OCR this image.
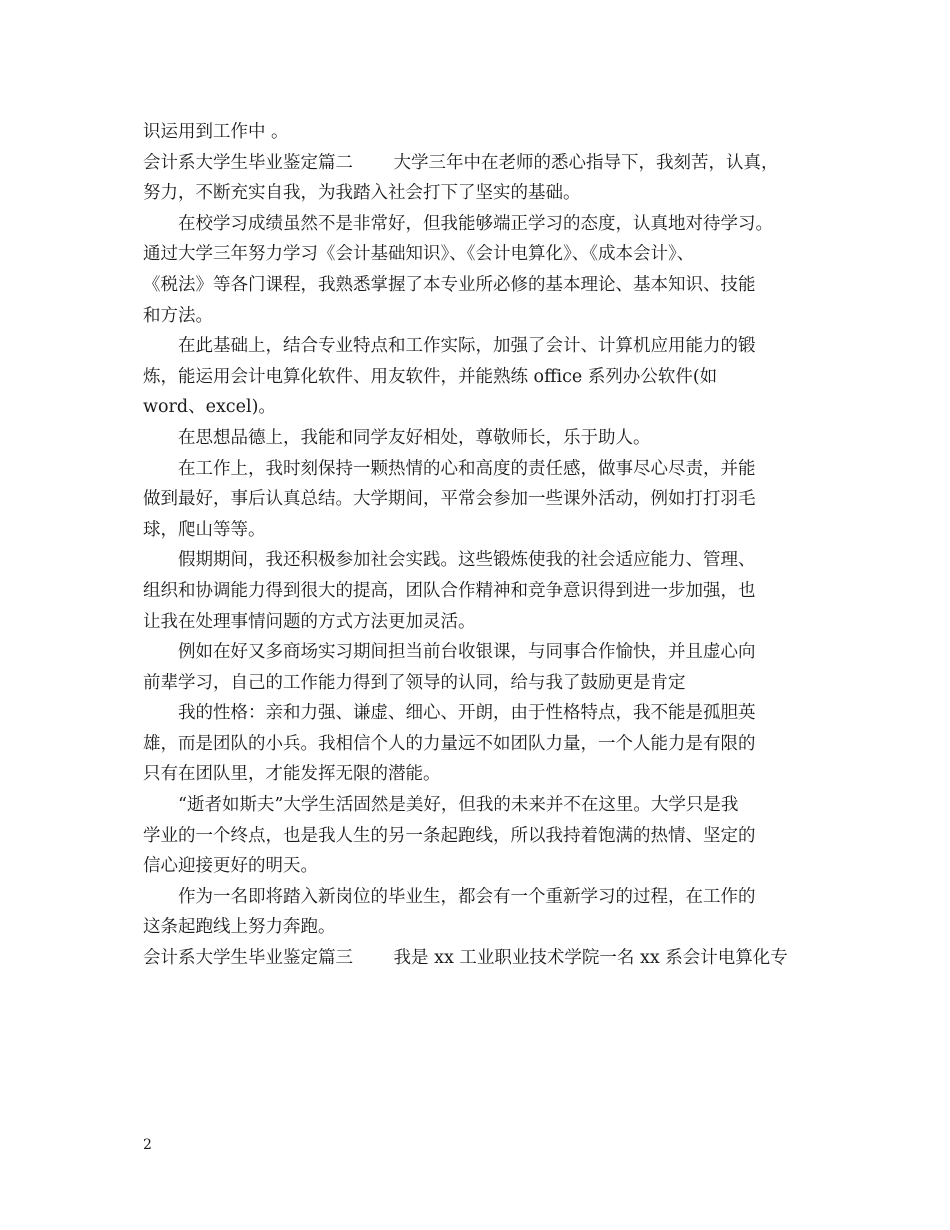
识运用到工作中 。
会计系大学生毕业鉴定篇二　　 大学三年中在老师的悉心指导下，我刻苦，认真，
努力，不断充实自我，为我踏入社会打下了坚实的基础。
在校学习成绩虽然不是非常好，但我能够端正学习的态度，认真地对待学习。
通过大学三年努力学习《会计基础知识》、《会计电算化》、《成本会计》、
《税法》等各门课程，我熟悉掌握了本专业所必修的基本理论、基本知识、技能
和方法。
在此基础上，结合专业特点和工作实际，加强了会计、计算机应用能力的锻
炼，能运用会计电算化软件、用友软件，并能熟练 office 系列办公软件(如
word、excel)。
在思想品德上，我能和同学友好相处，尊敬师长，乐于助人。
在工作上，我时刻保持一颗热情的心和高度的责任感，做事尽心尽责，并能
做到最好，事后认真总结。大学期间，平常会参加一些课外活动，例如打打羽毛
球，爬山等等。
假期期间，我还积极参加社会实践。这些锻炼使我的社会适应能力、管理、
组织和协调能力得到很大的提高，团队合作精神和竞争意识得到进一步加强，也
让我在处理事情问题的方式方法更加灵活。
例如在好又多商场实习期间担当前台收银课，与同事合作愉快，并且虚心向
前辈学习，自己的工作能力得到了领导的认同，给与我了鼓励更是肯定
我的性格：亲和力强、谦虚、细心、开朗，由于性格特点，我不能是孤胆英
雄，而是团队的小兵。我相信个人的力量远不如团队力量，一个人能力是有限的
只有在团队里，才能发挥无限的潜能。
“逝者如斯夫”大学生活固然是美好，但我的未来并不在这里。大学只是我
学业的一个终点，也是我人生的另一条起跑线，所以我持着饱满的热情、坚定的
信心迎接更好的明天。
作为一名即将踏入新岗位的毕业生，都会有一个重新学习的过程，在工作的
这条起跑线上努力奔跑。
会计系大学生毕业鉴定篇三　　 我是 xx 工业职业技术学院一名 xx 系会计电算化专
2
